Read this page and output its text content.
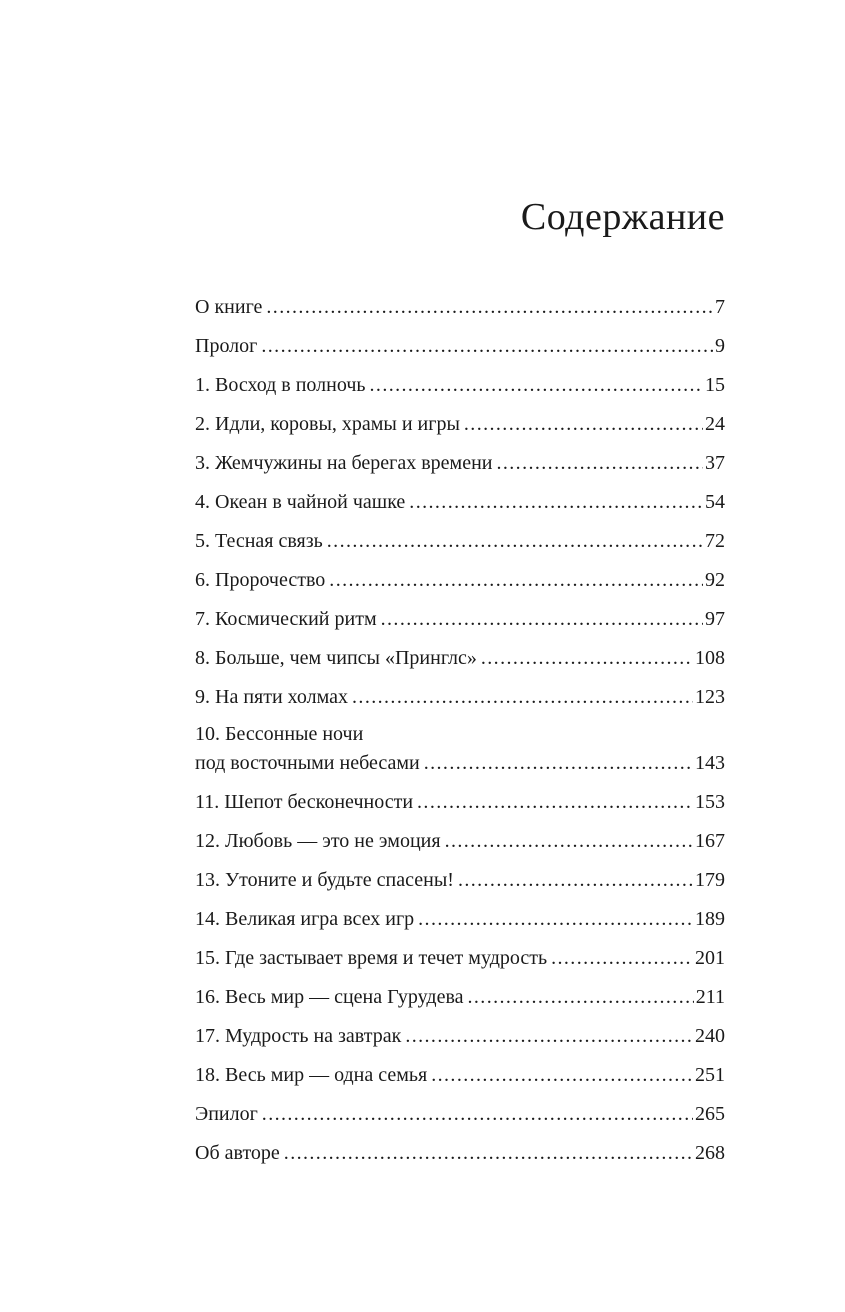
Содержание
О книге .....	7
Пролог .....	9
1. Восход в полночь .....	15
2. Идли, коровы, храмы и игры .....	24
3. Жемчужины на берегах времени .....	37
4. Океан в чайной чашке .....	54
5. Тесная связь .....	72
6. Пророчество .....	92
7. Космический ритм .....	97
8. Больше, чем чипсы «Принглс» .....	108
9. На пяти холмах .....	123
10. Бессонные ночи
под восточными небесами .....	143
11. Шепот бесконечности .....	153
12. Любовь — это не эмоция .....	167
13. Утоните и будьте спасены! .....	179
14. Великая игра всех игр .....	189
15. Где застывает время и течет мудрость .....	201
16. Весь мир — сцена Гурудева .....	211
17. Мудрость на завтрак .....	240
18. Весь мир — одна семья .....	251
Эпилог .....	265
Об авторе .....	268
